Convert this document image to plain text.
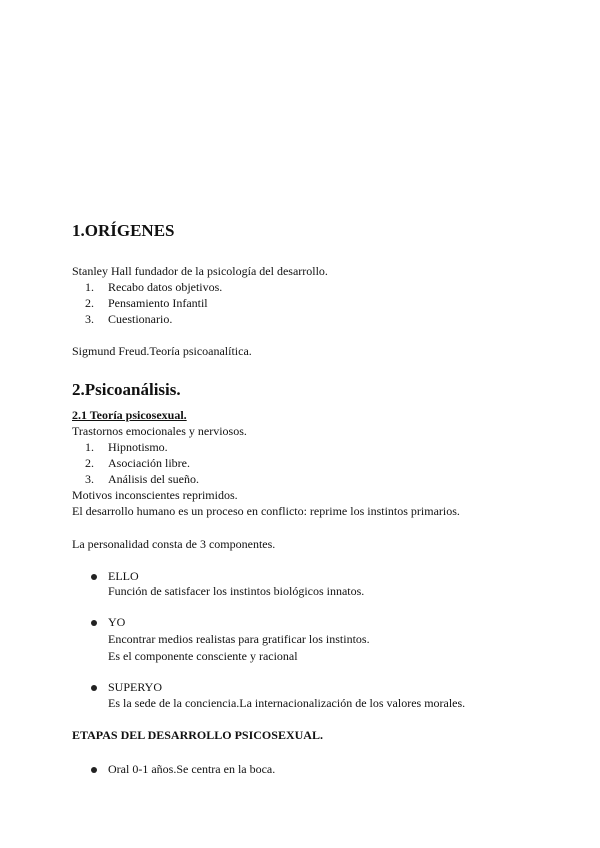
1.ORÍGENES
Stanley Hall fundador de la psicología del desarrollo.
1. Recabo datos objetivos.
2. Pensamiento Infantil
3. Cuestionario.
Sigmund Freud.Teoría psicoanalítica.
2.Psicoanálisis.
2.1 Teoría psicosexual.
Trastornos emocionales y nerviosos.
1. Hipnotismo.
2. Asociación libre.
3. Análisis del sueño.
Motivos inconscientes reprimidos.
El desarrollo humano es un proceso en conflicto: reprime los instintos primarios.
La personalidad consta de 3 componentes.
ELLO
Función de satisfacer los instintos biológicos innatos.
YO
Encontrar medios realistas para gratificar los instintos.
Es el componente consciente y racional
SUPERYO
Es la sede de la conciencia.La internacionalización de los valores morales.
ETAPAS DEL DESARROLLO PSICOSEXUAL.
Oral 0-1 años.Se centra en la boca.
